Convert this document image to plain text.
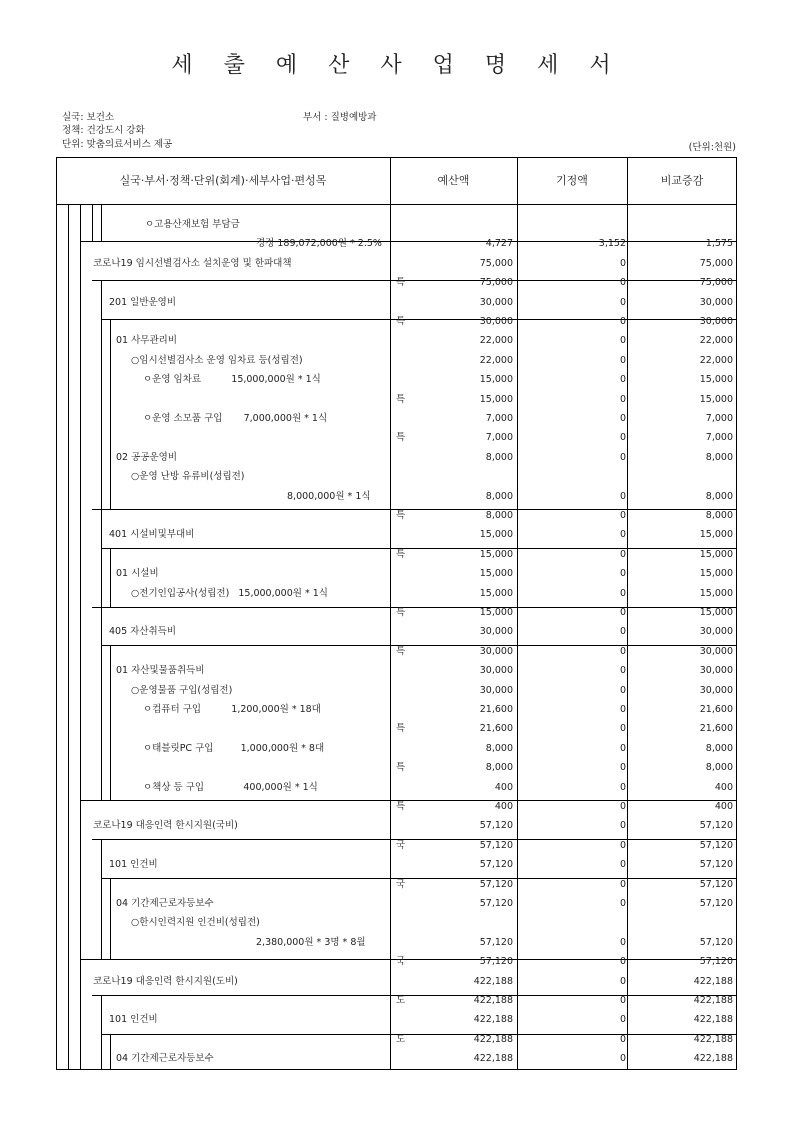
세 출 예 산 사 업 명 세 서
실국: 보건소	부서 : 질병예방과
정책: 건강도시 강화
단위: 맞춤의료서비스 제공	(단위:천원)
실국·부서·정책·단위(회계)·세부사업·편성목	예산액	기정액	비교증감
ㅇ고용산재보험 부담금
경정 189,072,000원 * 2.5%	4,727	3,152	1,575
코로나19 임시선별검사소 설치운영 및 한파대책	75,000	0	75,000
특	75,000	0	75,000
201 일반운영비	30,000	0	30,000
특	30,000	0	30,000
01 사무관리비	22,000	0	22,000
○임시선별검사소 운영 임차료 등(성립전)	22,000	0	22,000
ㅇ운영 임차료          15,000,000원 * 1식	15,000	0	15,000
특	15,000	0	15,000
ㅇ운영 소모품 구입       7,000,000원 * 1식	7,000	0	7,000
특	7,000	0	7,000
02 공공운영비	8,000	0	8,000
○운영 난방 유류비(성립전)
8,000,000원 * 1식	8,000	0	8,000
특	8,000	0	8,000
401 시설비및부대비	15,000	0	15,000
특	15,000	0	15,000
01 시설비	15,000	0	15,000
○전기인입공사(성립전)   15,000,000원 * 1식	15,000	0	15,000
특	15,000	0	15,000
405 자산취득비	30,000	0	30,000
특	30,000	0	30,000
01 자산및물품취득비	30,000	0	30,000
○운영물품 구입(성립전)	30,000	0	30,000
ㅇ컴퓨터 구입          1,200,000원 * 18대	21,600	0	21,600
특	21,600	0	21,600
ㅇ태블릿PC 구입         1,000,000원 * 8대	8,000	0	8,000
특	8,000	0	8,000
ㅇ책상 등 구입             400,000원 * 1식	400	0	400
특	400	0	400
코로나19 대응인력 한시지원(국비)	57,120	0	57,120
국	57,120	0	57,120
101 인건비	57,120	0	57,120
국	57,120	0	57,120
04 기간제근로자등보수	57,120	0	57,120
○한시인력지원 인건비(성립전)
2,380,000원 * 3명 * 8월	57,120	0	57,120
국	57,120	0	57,120
코로나19 대응인력 한시지원(도비)	422,188	0	422,188
도	422,188	0	422,188
101 인건비	422,188	0	422,188
도	422,188	0	422,188
04 기간제근로자등보수	422,188	0	422,188
